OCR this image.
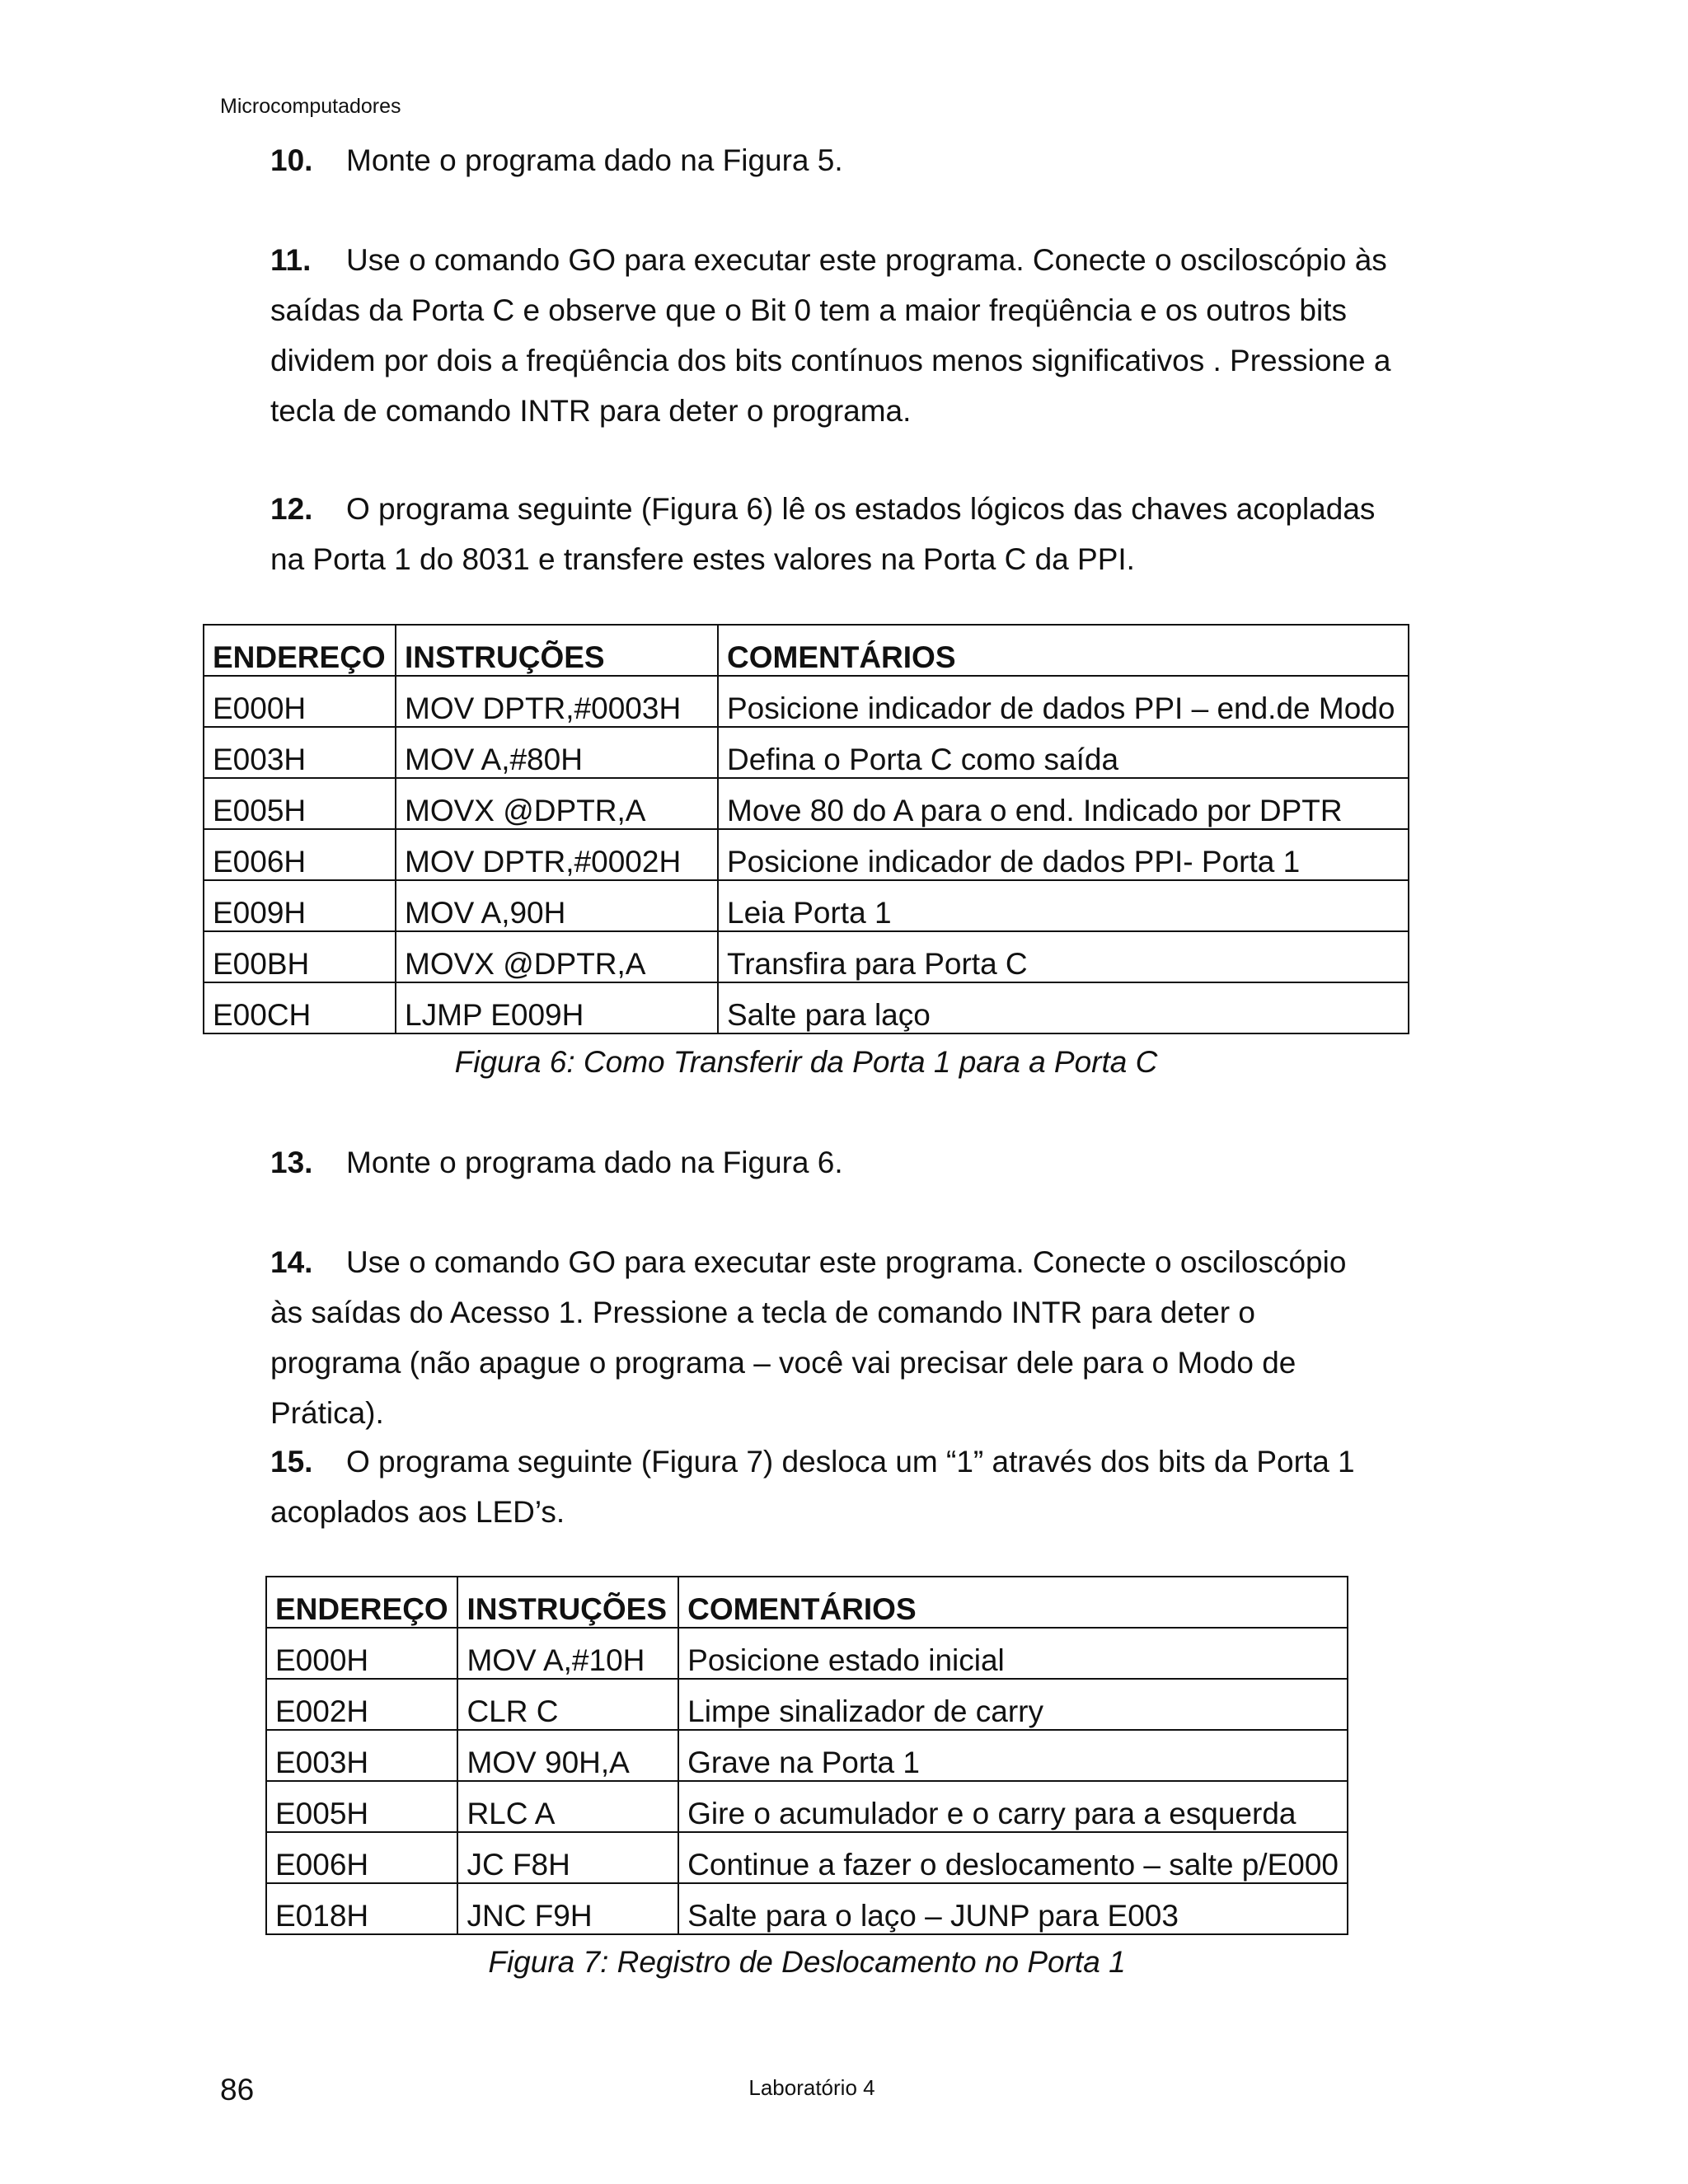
Microcomputadores
10. Monte o programa dado na Figura 5.
11. Use o comando GO para executar este programa. Conecte o osciloscópio às saídas da Porta C e observe que o Bit 0 tem a maior freqüência e os outros bits dividem por dois a freqüência dos bits contínuos menos significativos . Pressione a tecla de comando INTR para deter o programa.
12. O programa seguinte (Figura 6) lê os estados lógicos das chaves acopladas na Porta 1 do 8031 e transfere estes valores na Porta C da PPI.
ENDEREÇO	INSTRUÇÕES	COMENTÁRIOS
E000H	MOV DPTR,#0003H	Posicione indicador de dados PPI – end.de Modo
E003H	MOV A,#80H	Defina o Porta C como saída
E005H	MOVX @DPTR,A	Move 80 do A para o end. Indicado por DPTR
E006H	MOV DPTR,#0002H	Posicione indicador de dados PPI- Porta 1
E009H	MOV A,90H	Leia Porta 1
E00BH	MOVX @DPTR,A	Transfira para Porta C
E00CH	LJMP E009H	Salte para laço
Figura 6: Como Transferir da Porta 1 para a Porta C
13. Monte o programa dado na Figura 6.
14. Use o comando GO para executar este programa. Conecte o osciloscópio às saídas do Acesso 1. Pressione a tecla de comando INTR para deter o programa (não apague o programa – você vai precisar dele para o Modo de Prática).
15. O programa seguinte (Figura 7) desloca um “1” através dos bits da Porta 1 acoplados aos LED’s.
ENDEREÇO	INSTRUÇÕES	COMENTÁRIOS
E000H	MOV A,#10H	Posicione estado inicial
E002H	CLR C	Limpe sinalizador de carry
E003H	MOV 90H,A	Grave na Porta 1
E005H	RLC A	Gire o acumulador e o carry para a esquerda
E006H	JC F8H	Continue a fazer o deslocamento – salte p/E000
E018H	JNC F9H	Salte para o laço – JUNP para E003
Figura 7: Registro de Deslocamento no Porta 1
86	Laboratório 4
